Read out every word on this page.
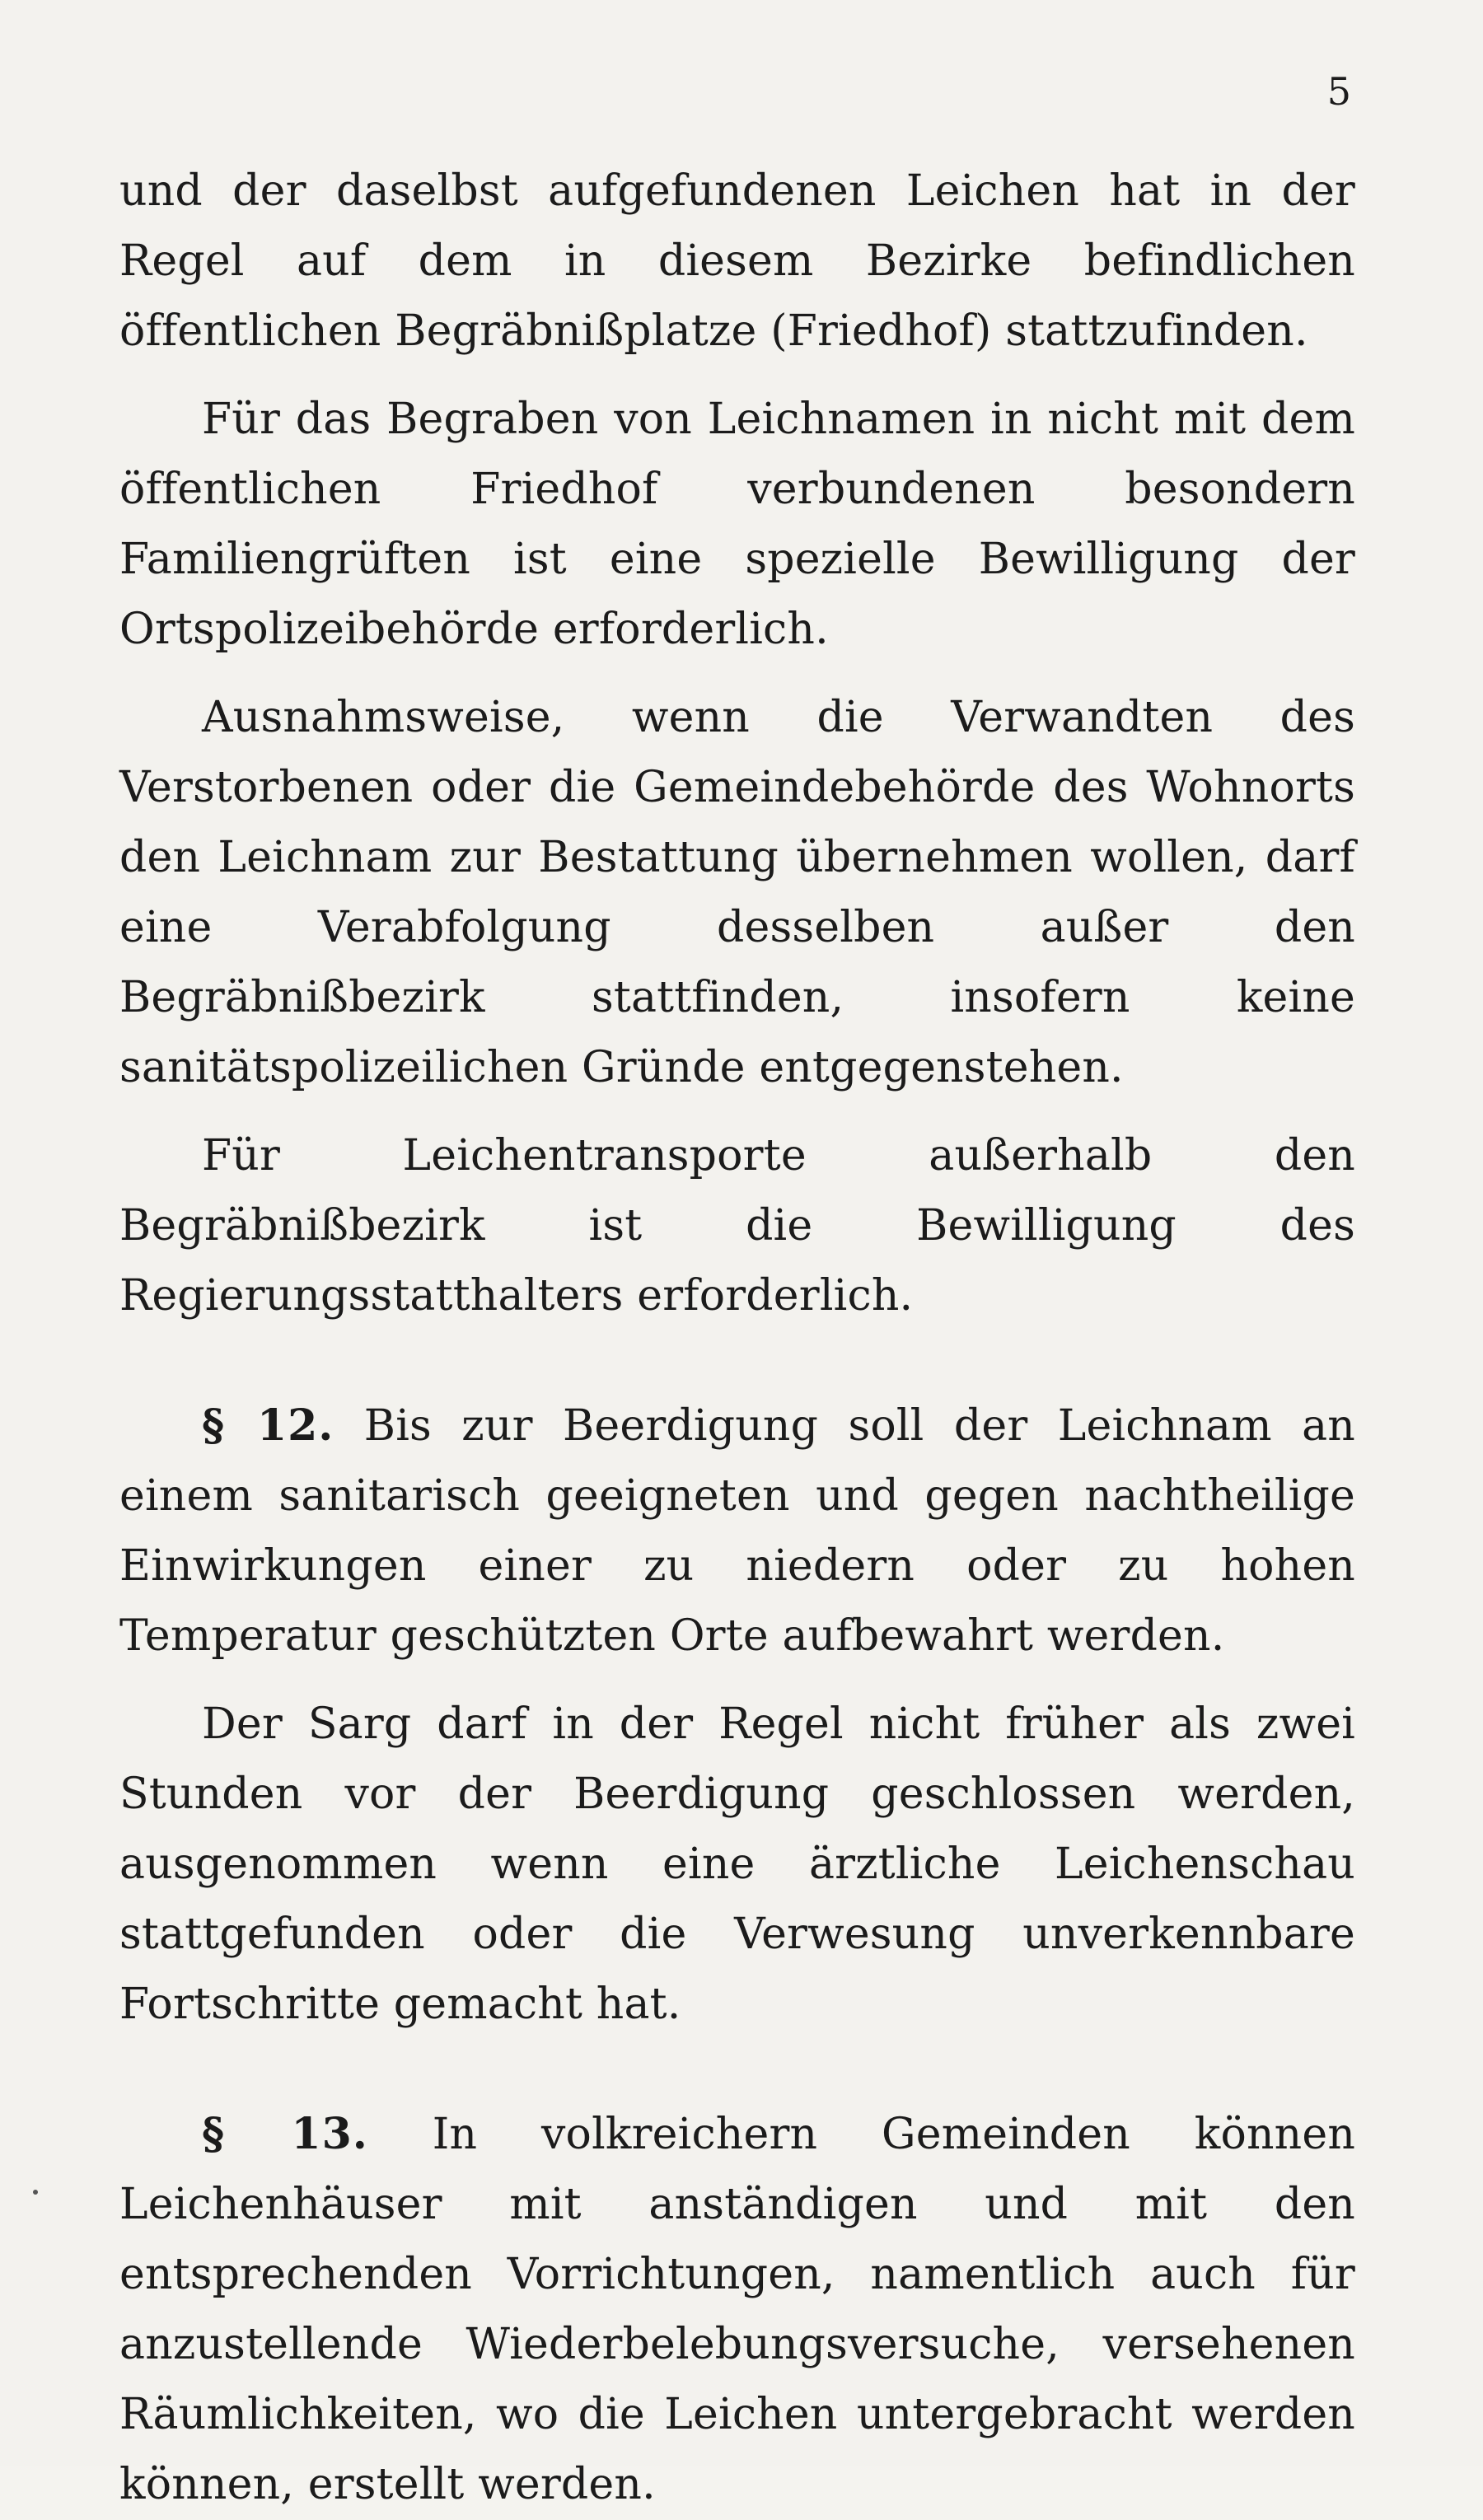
5

und der daselbst aufgefundenen Leichen hat in der Regel auf dem in diesem Bezirke befindlichen öffentlichen Begräbnißplatze (Friedhof) stattzufinden.

Für das Begraben von Leichnamen in nicht mit dem öffentlichen Friedhof verbundenen besondern Familiengrüften ist eine spezielle Bewilligung der Ortspolizeibehörde erforderlich.

Ausnahmsweise, wenn die Verwandten des Verstorbenen oder die Gemeindebehörde des Wohnorts den Leichnam zur Bestattung übernehmen wollen, darf eine Verabfolgung desselben außer den Begräbnißbezirk stattfinden, insofern keine sanitätspolizeilichen Gründe entgegenstehen.

Für Leichentransporte außerhalb den Begräbnißbezirk ist die Bewilligung des Regierungsstatthalters erforderlich.

§ 12. Bis zur Beerdigung soll der Leichnam an einem sanitarisch geeigneten und gegen nachtheilige Einwirkungen einer zu niedern oder zu hohen Temperatur geschützten Orte aufbewahrt werden.

Der Sarg darf in der Regel nicht früher als zwei Stunden vor der Beerdigung geschlossen werden, ausgenommen wenn eine ärztliche Leichenschau stattgefunden oder die Verwesung unverkennbare Fortschritte gemacht hat.

§ 13. In volkreichern Gemeinden können Leichenhäuser mit anständigen und mit den entsprechenden Vorrichtungen, namentlich auch für anzustellende Wiederbelebungsversuche, versehenen Räumlichkeiten, wo die Leichen untergebracht werden können, erstellt werden.
